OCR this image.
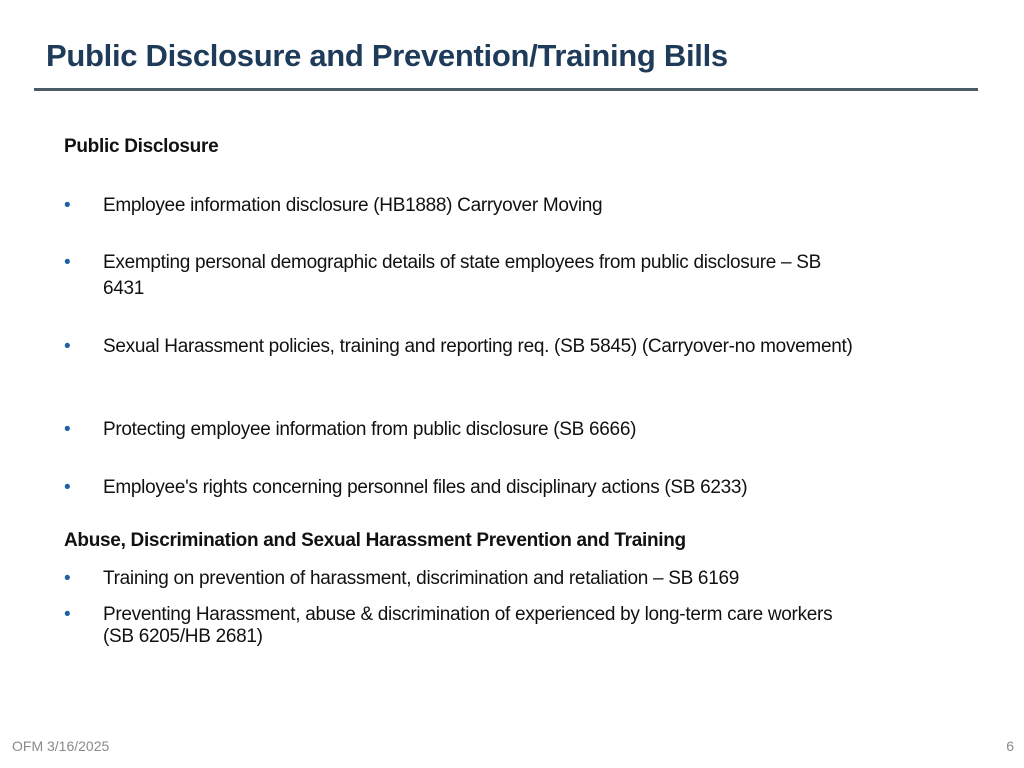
Public Disclosure and Prevention/Training Bills
Public Disclosure
• Employee information disclosure (HB1888) Carryover Moving
• Exempting personal demographic details of state employees from public disclosure – SB 6431
• Sexual Harassment policies, training and reporting req. (SB 5845) (Carryover-no movement)
• Protecting employee information from public disclosure (SB 6666)
• Employee's rights concerning personnel files and disciplinary actions (SB 6233)
Abuse, Discrimination and Sexual Harassment Prevention and Training
• Training on prevention of harassment, discrimination and retaliation – SB 6169
• Preventing Harassment, abuse & discrimination of experienced by long-term care workers (SB 6205/HB 2681)
OFM 3/16/2025	6
